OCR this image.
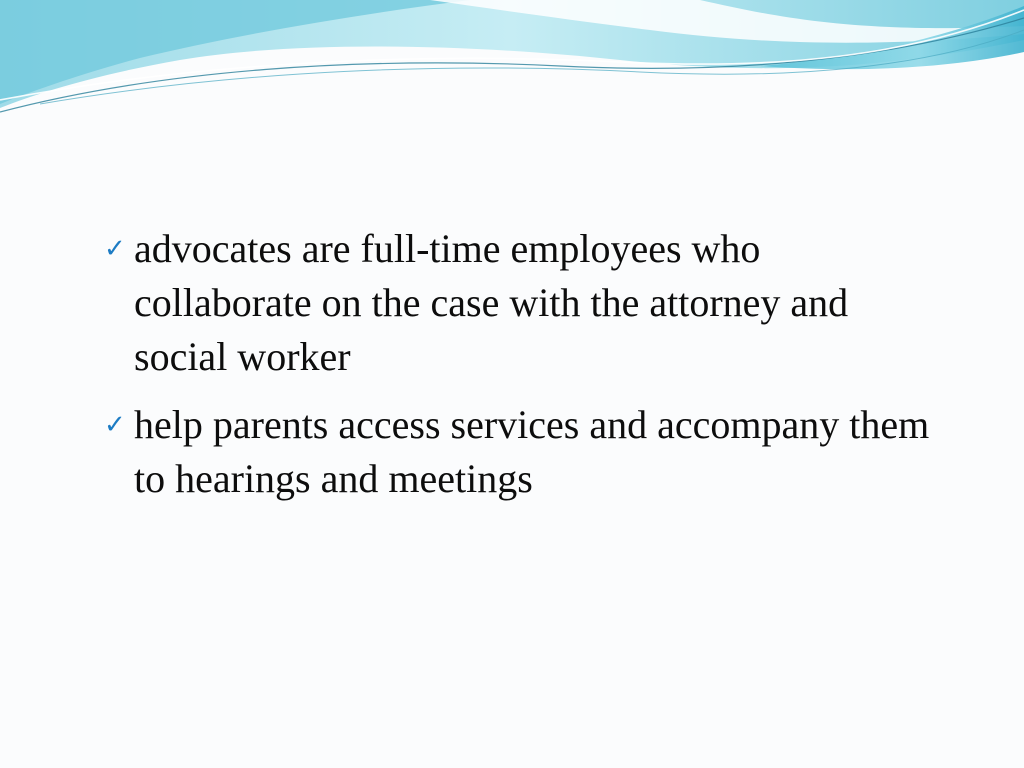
✓ advocates are full-time employees who collaborate on the case with the attorney and social worker
✓ help parents access services and accompany them to hearings and meetings
